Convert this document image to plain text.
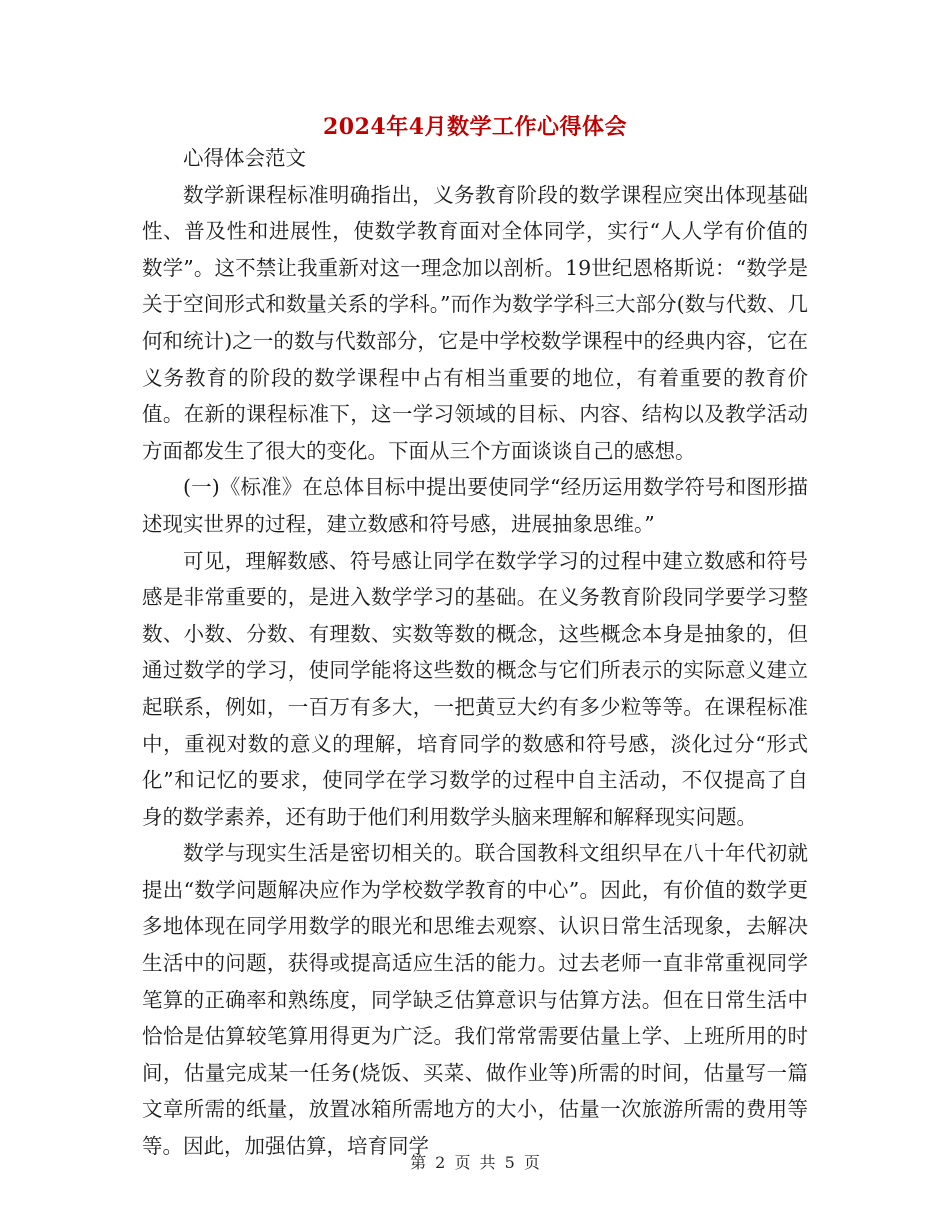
2024年4月数学工作心得体会

心得体会范文

数学新课程标准明确指出，义务教育阶段的数学课程应突出体现基础性、普及性和进展性，使数学教育面对全体同学，实行“人人学有价值的数学”。这不禁让我重新对这一理念加以剖析。19世纪恩格斯说：“数学是关于空间形式和数量关系的学科。”而作为数学学科三大部分(数与代数、几何和统计)之一的数与代数部分，它是中学校数学课程中的经典内容，它在义务教育的阶段的数学课程中占有相当重要的地位，有着重要的教育价值。在新的课程标准下，这一学习领域的目标、内容、结构以及教学活动方面都发生了很大的变化。下面从三个方面谈谈自己的感想。

(一)《标准》在总体目标中提出要使同学“经历运用数学符号和图形描述现实世界的过程，建立数感和符号感，进展抽象思维。”

可见，理解数感、符号感让同学在数学学习的过程中建立数感和符号感是非常重要的，是进入数学学习的基础。在义务教育阶段同学要学习整数、小数、分数、有理数、实数等数的概念，这些概念本身是抽象的，但通过数学的学习，使同学能将这些数的概念与它们所表示的实际意义建立起联系，例如，一百万有多大，一把黄豆大约有多少粒等等。在课程标准中，重视对数的意义的理解，培育同学的数感和符号感，淡化过分“形式化”和记忆的要求，使同学在学习数学的过程中自主活动，不仅提高了自身的数学素养，还有助于他们利用数学头脑来理解和解释现实问题。

数学与现实生活是密切相关的。联合国教科文组织早在八十年代初就提出“数学问题解决应作为学校数学教育的中心”。因此，有价值的数学更多地体现在同学用数学的眼光和思维去观察、认识日常生活现象，去解决生活中的问题，获得或提高适应生活的能力。过去老师一直非常重视同学笔算的正确率和熟练度，同学缺乏估算意识与估算方法。但在日常生活中恰恰是估算较笔算用得更为广泛。我们常常需要估量上学、上班所用的时间，估量完成某一任务(烧饭、买菜、做作业等)所需的时间，估量写一篇文章所需的纸量，放置冰箱所需地方的大小，估量一次旅游所需的费用等等。因此，加强估算，培育同学

第 2 页 共 5 页
